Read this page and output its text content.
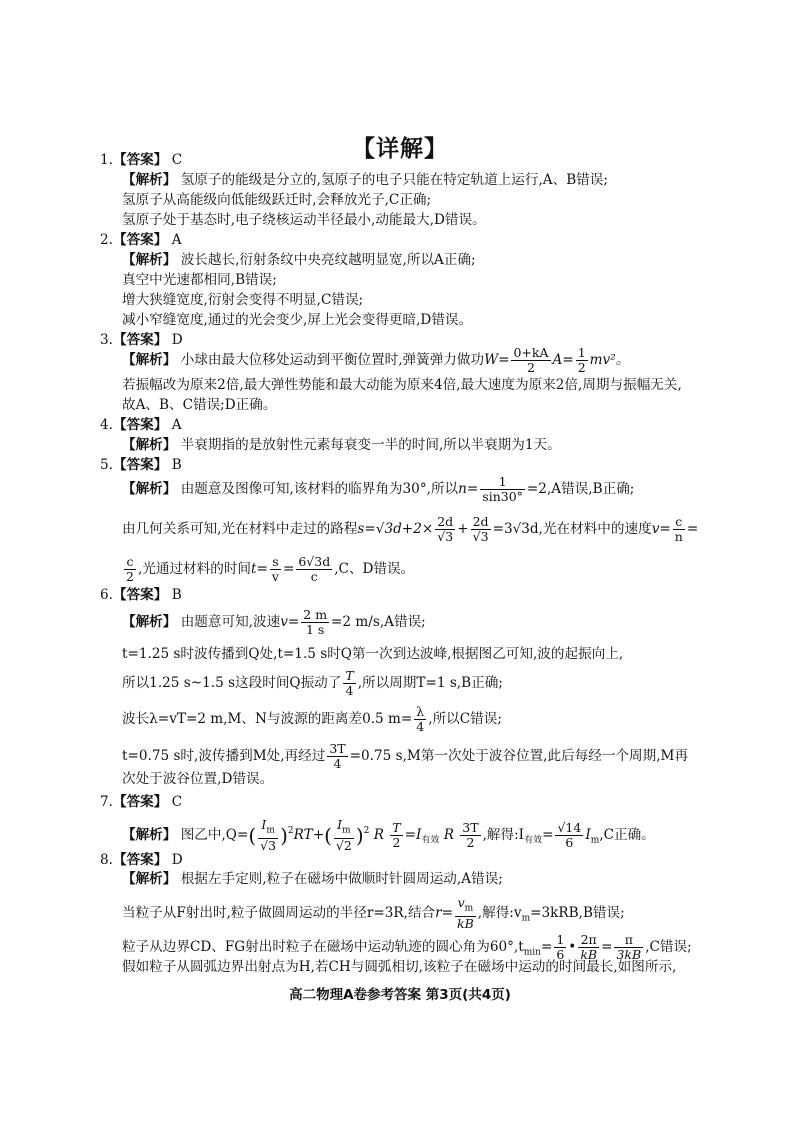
【详解】
1.【答案】 C
【解析】 氢原子的能级是分立的,氢原子的电子只能在特定轨道上运行,A、B错误;
氢原子从高能级向低能级跃迁时,会释放光子,C正确;
氢原子处于基态时,电子绕核运动半径最小,动能最大,D错误。
2.【答案】 A
【解析】 波长越长,衍射条纹中央亮纹越明显宽,所以A正确;
真空中光速都相同,B错误;
增大狭缝宽度,衍射会变得不明显,C错误;
减小窄缝宽度,通过的光会变少,屏上光会变得更暗,D错误。
3.【答案】 D
【解析】 小球由最大位移处运动到平衡位置时,弹簧弹力做功$W= \frac{0+kA}{2} A= \frac{1}{2} mv^2$。
若振幅改为原来2倍,最大弹性势能和最大动能为原来4倍,最大速度为原来2倍,周期与振幅无关,
故A、B、C错误;D正确。
4.【答案】 A
【解析】 半衰期指的是放射性元素每衰变一半的时间,所以半衰期为1天。
5.【答案】 B
【解析】 由题意及图像可知,该材料的临界角为30°,所以$n= \frac{1}{\sin 30^\circ} =2,A$错误,B正确;
由几何关系可知,光在材料中走过的路程$s=√3d+2\times \frac{2d}{√3} + \frac{2d}{√3} =3√3d$,光在材料中的速度$v= \frac{c}{n}$ =
$\frac{c}{2}$ ,光通过材料的时间$t= \frac{s}{v} = \frac{6√3d}{c} ,C$、D错误。
6.【答案】 B
【解析】 由题意可知,波速$v= \frac{2 m}{1 s} =2$ m/s,A错误;
t=1.25 s时波传播到Q处,t=1.5 s时Q第一次到达波峰,根据图乙可知,波的起振向上,
所以1.25 s~1.5 s这段时间Q振动了 $\frac{T}{4}$ ,所以周期T=1 s,B正确;
波长λ=vT=2 m,M、N与波源的距离差0.5 $m= \frac{\lambda}{4}$ ,所以C错误;
t=0.75 s时,波传播到M处,再经过 $\frac{3T}{4} =0.75$ s,M第一次处于波谷位置,此后每经一个周期,M再
次处于波谷位置,D错误。
7.【答案】 C
【解析】 图乙中$,Q=( \frac{I_m}{√3} )^2RT+( \frac{I_m}{√2} )^2$ R $\frac{T}{2} =I_{有效}$ R $\frac{3T}{2}$ ,解得$:I_{有效}= \frac{√14}{6} I_m,C$正确。
8.【答案】 D
【解析】 根据左手定则,粒子在磁场中做顺时针圆周运动,A错误;
当粒子从F射出时,粒子做圆周运动的半径r=3R,结合$r= \frac{v_m}{kB}$ ,解得$:v_m=3kRB,B$错误;
粒子从边界CD、FG射出时粒子在磁场中运动轨迹的圆心角为$60^\circ,t_{min}= \frac{1}{6}$ • $\frac{2\pi}{kB} = \frac{\pi}{3kB} ,C$错误;
假如粒子从圆弧边界出射点为H,若CH与圆弧相切,该粒子在磁场中运动的时间最长,如图所示,
高二物理A卷参考答案 第3页(共4页)
